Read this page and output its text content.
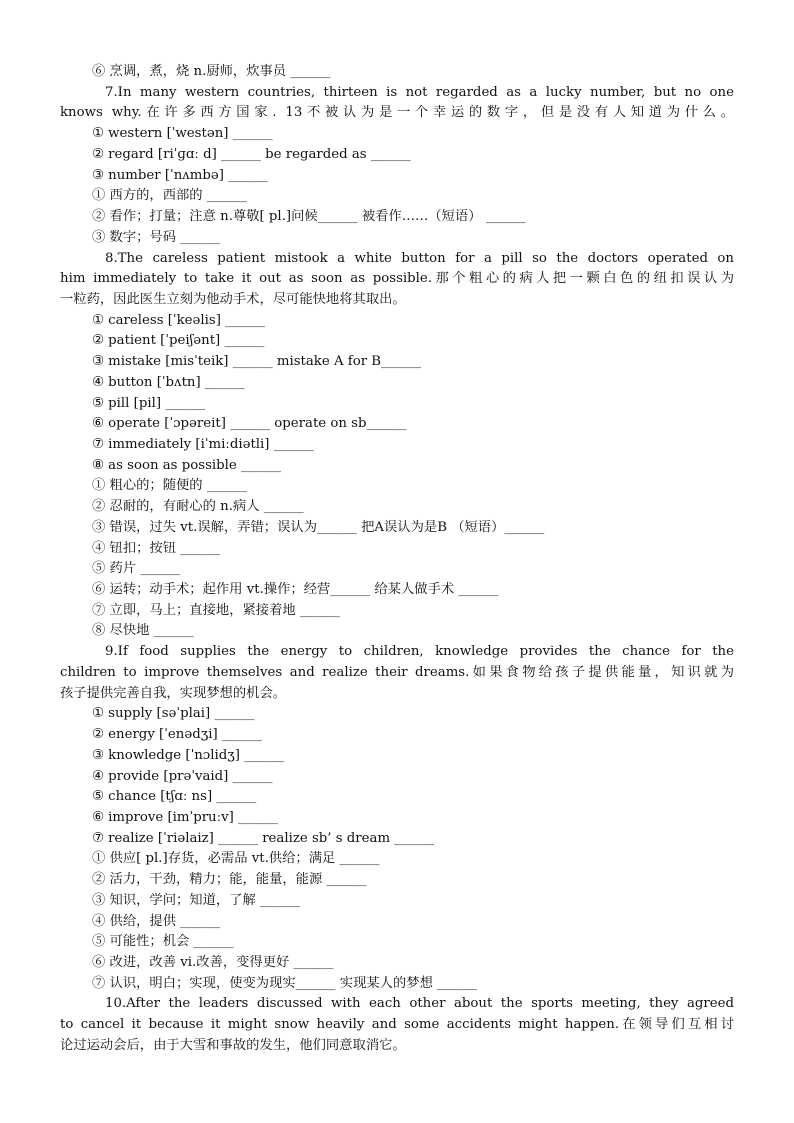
⑥ 烹调，煮，烧 n.厨师，炊事员 ______
7.In many western countries, thirteen is not regarded as a lucky number, but no one
knows why.在许多西方国家. 13不被认为是一个幸运的数字，但是没有人知道为什么。
① western [ˈwestən] ______
② regard [riˈɡɑː d] ______ be regarded as ______
③ number [ˈnʌmbə] ______
① 西方的，西部的 ______
② 看作；打量；注意 n.尊敬[ pl.]问候______ 被看作……（短语） ______
③ 数字；号码 ______
8.The careless patient mistook a white button for a pill so the doctors operated on
him immediately to take it out as soon as possible.那个粗心的病人把一颗白色的纽扣误认为
一粒药，因此医生立刻为他动手术，尽可能快地将其取出。
① careless [ˈkeəlis] ______
② patient [ˈpeiʃənt] ______
③ mistake [misˈteik] ______ mistake A for B______
④ button [ˈbʌtn] ______
⑤ pill [pil] ______
⑥ operate [ˈɔpəreit] ______ operate on sb______
⑦ immediately [iˈmiːdiətli] ______
⑧ as soon as possible ______
① 粗心的；随便的 ______
② 忍耐的，有耐心的 n.病人 ______
③ 错误，过失 vt.误解，弄错；误认为______ 把A误认为是B （短语）______
④ 钮扣；按钮 ______
⑤ 药片 ______
⑥ 运转；动手术；起作用 vt.操作；经营______ 给某人做手术 ______
⑦ 立即，马上；直接地，紧接着地 ______
⑧ 尽快地 ______
9.If food supplies the energy to children, knowledge provides the chance for the
children to improve themselves and realize their dreams.如果食物给孩子提供能量，知识就为
孩子提供完善自我，实现梦想的机会。
① supply [səˈplai] ______
② energy [ˈenədʒi] ______
③ knowledge [ˈnɔlidʒ] ______
④ provide [prəˈvaid] ______
⑤ chance [tʃɑː ns] ______
⑥ improve [imˈpruːv] ______
⑦ realize [ˈriəlaiz] ______ realize sb’ s dream ______
① 供应[ pl.]存货，必需品 vt.供给；满足 ______
② 活力，干劲，精力；能，能量，能源 ______
③ 知识，学问；知道，了解 ______
④ 供给，提供 ______
⑤ 可能性；机会 ______
⑥ 改进，改善 vi.改善，变得更好 ______
⑦ 认识，明白；实现，使变为现实______ 实现某人的梦想 ______
10.After the leaders discussed with each other about the sports meeting, they agreed
to cancel it because it might snow heavily and some accidents might happen.在领导们互相讨
论过运动会后，由于大雪和事故的发生，他们同意取消它。
